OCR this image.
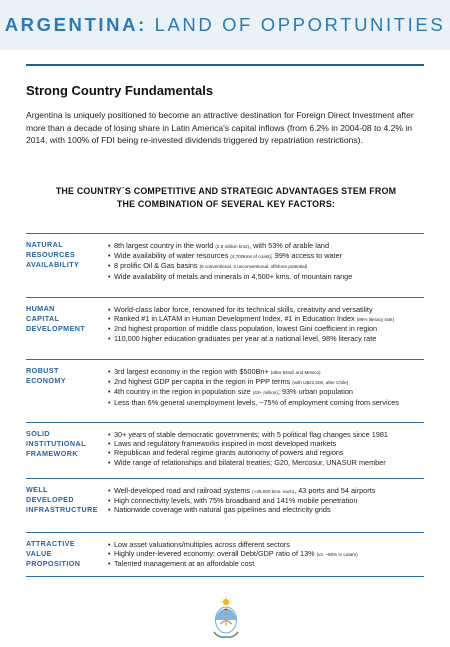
ARGENTINA: LAND OF OPPORTUNITIES
Strong Country Fundamentals
Argentina is uniquely positioned to become an attractive destination for Foreign Direct Investment after more than a decade of losing share in Latin America's capital inflows (from 6.2% in 2004-08 to 4.2% in 2014, with 100% of FDI being re-invested dividends triggered by repatriation restrictions).
THE COUNTRY´S COMPETITIVE AND STRATEGIC ADVANTAGES STEM FROM THE COMBINATION OF SEVERAL KEY FACTORS:
NATURAL
RESOURCES
AVAILABILITY
• 8th largest country in the world (2.8 million km2), with 53% of arable land
• Wide availability of water resources (4,700kms of coast); 99% access to water
• 8 prolific Oil & Gas basins (5 conventional, 3 unconventional, offshore potential)
• Wide availability of metals and minerals in 4,500+ kms. of mountain range
HUMAN
CAPITAL
DEVELOPMENT
• World-class labor force, renowned for its technical skills, creativity and versatility
• Ranked #1 in LATAM in Human Development Index, #1 in Education Index (98% literacy rate)
• 2nd highest proportion of middle class population, lowest Gini coefficient in region
• 110,000 higher education graduates per year at a national level, 98% literacy rate
ROBUST
ECONOMY
• 3rd largest economy in the region with $500Bn+ (after Brazil and Mexico)
• 2nd highest GDP per capita in the region in PPP terms (with U$22,500, after Chile)
• 4th country in the region in population size (43+ million); 93% urban population
• Less than 6% general unemployment levels, ~75% of employment coming from services
SOLID
INSTITUTIONAL
FRAMEWORK
• 30+ years of stable democratic governments; with 5 political flag changes since 1981
• Laws and regulatory frameworks inspired in most developed markets
• Republican and federal regime grants autonomy of powers and regions
• Wide range of relationships and bilateral treaties; G20, Mercosur, UNASUR member
WELL
DEVELOPED
INFRASTRUCTURE
• Well-developed road and railroad systems (+35,000 kms. each), 43 ports and 54 airports
• High connectivity levels, with 75% broadband and 141% mobile penetration
• Nationwide coverage with natural gas pipelines and electricity grids
ATTRACTIVE
VALUE
PROPOSITION
• Low asset valuations/multiples across different sectors
• Highly under-levered economy; overall Debt/GDP ratio of 13% (vs. ~60% in Latam)
• Talented management at an affordable cost
